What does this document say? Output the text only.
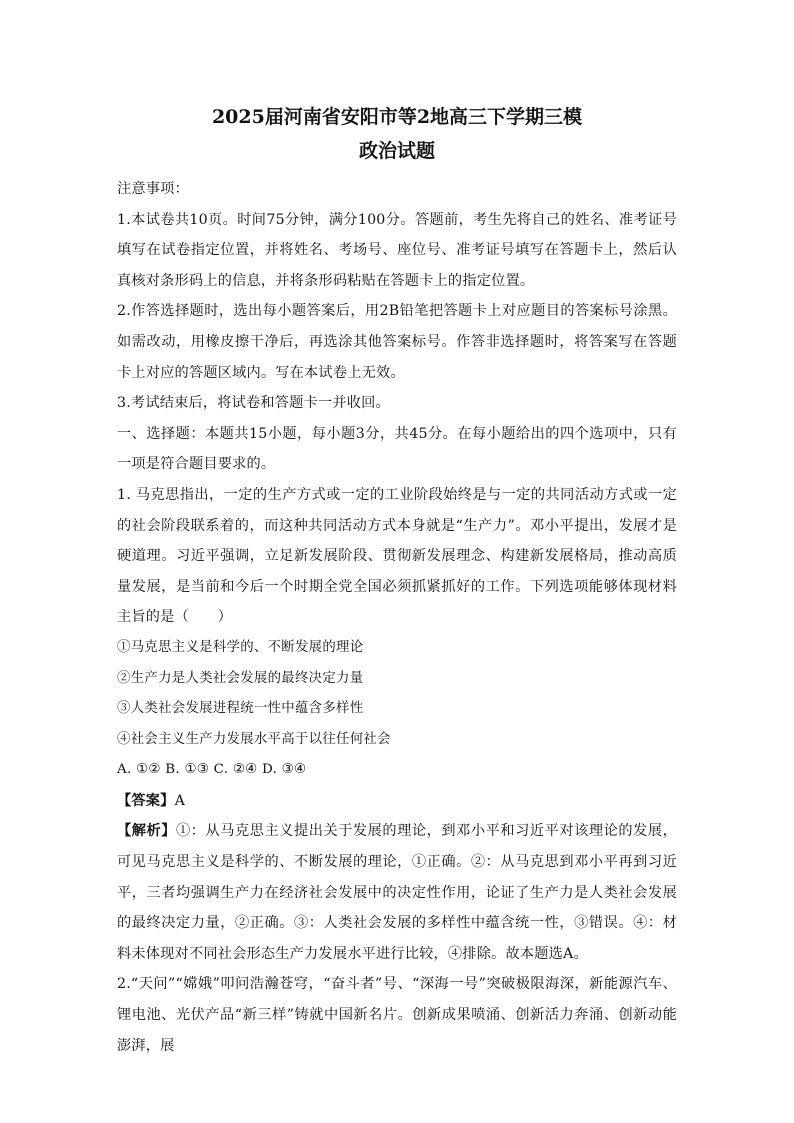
2025届河南省安阳市等2地高三下学期三模
政治试题

注意事项：

1.本试卷共10页。时间75分钟，满分100分。答题前，考生先将自己的姓名、准考证号填写在试卷指定位置，并将姓名、考场号、座位号、准考证号填写在答题卡上，然后认真核对条形码上的信息，并将条形码粘贴在答题卡上的指定位置。

2.作答选择题时，选出每小题答案后，用2B铅笔把答题卡上对应题目的答案标号涂黑。如需改动，用橡皮擦干净后，再选涂其他答案标号。作答非选择题时，将答案写在答题卡上对应的答题区域内。写在本试卷上无效。

3.考试结束后，将试卷和答题卡一并收回。

一、选择题：本题共15小题，每小题3分，共45分。在每小题给出的四个选项中，只有一项是符合题目要求的。

1. 马克思指出，一定的生产方式或一定的工业阶段始终是与一定的共同活动方式或一定的社会阶段联系着的，而这种共同活动方式本身就是“生产力”。邓小平提出，发展才是硬道理。习近平强调，立足新发展阶段、贯彻新发展理念、构建新发展格局，推动高质量发展，是当前和今后一个时期全党全国必须抓紧抓好的工作。下列选项能够体现材料主旨的是（　　）

①马克思主义是科学的、不断发展的理论

②生产力是人类社会发展的最终决定力量

③人类社会发展进程统一性中蕴含多样性

④社会主义生产力发展水平高于以往任何社会

A. ①② B. ①③ C. ②④ D. ③④

【答案】A

【解析】①：从马克思主义提出关于发展的理论，到邓小平和习近平对该理论的发展，可见马克思主义是科学的、不断发展的理论，①正确。②：从马克思到邓小平再到习近平，三者均强调生产力在经济社会发展中的决定性作用，论证了生产力是人类社会发展的最终决定力量，②正确。③：人类社会发展的多样性中蕴含统一性，③错误。④：材料未体现对不同社会形态生产力发展水平进行比较，④排除。故本题选A。

2.“天问”“嫦娥”叩问浩瀚苍穹，“奋斗者”号、“深海一号”突破极限海深，新能源汽车、锂电池、光伏产品“新三样”铸就中国新名片。创新成果喷涌、创新活力奔涌、创新动能澎湃，展
